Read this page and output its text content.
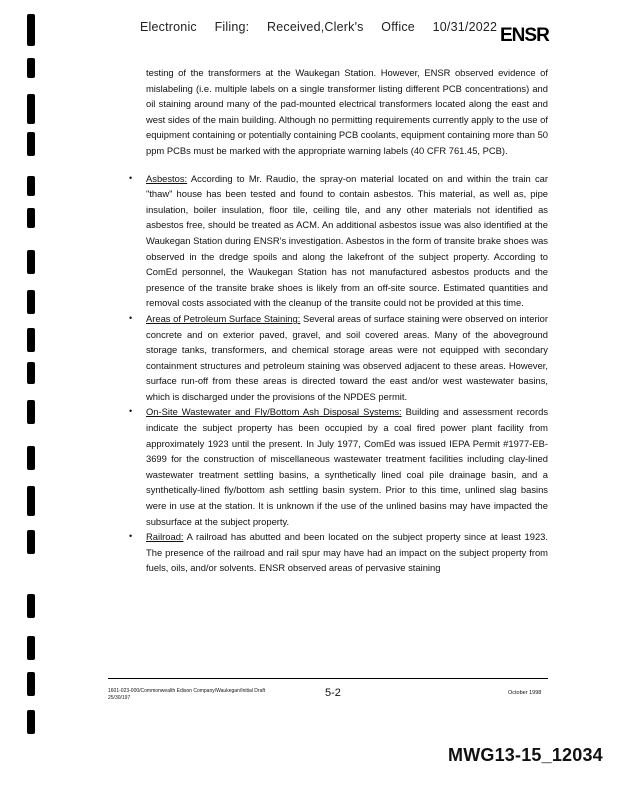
Electronic Filing: Received,Clerk's Office 10/31/2022 ENSR

testing of the transformers at the Waukegan Station. However, ENSR observed evidence of mislabeling (i.e. multiple labels on a single transformer listing different PCB concentrations) and oil staining around many of the pad-mounted electrical transformers located along the east and west sides of the main building. Although no permitting requirements currently apply to the use of equipment containing or potentially containing PCB coolants, equipment containing more than 50 ppm PCBs must be marked with the appropriate warning labels (40 CFR 761.45, PCB).

• Asbestos: According to Mr. Raudio, the spray-on material located on and within the train car "thaw" house has been tested and found to contain asbestos. This material, as well as, pipe insulation, boiler insulation, floor tile, ceiling tile, and any other materials not identified as asbestos free, should be treated as ACM. An additional asbestos issue was also identified at the Waukegan Station during ENSR's investigation. Asbestos in the form of transite brake shoes was observed in the dredge spoils and along the lakefront of the subject property. According to ComEd personnel, the Waukegan Station has not manufactured asbestos products and the presence of the transite brake shoes is likely from an off-site source. Estimated quantities and removal costs associated with the cleanup of the transite could not be provided at this time.

• Areas of Petroleum Surface Staining: Several areas of surface staining were observed on interior concrete and on exterior paved, gravel, and soil covered areas. Many of the aboveground storage tanks, transformers, and chemical storage areas were not equipped with secondary containment structures and petroleum staining was observed adjacent to these areas. However, surface run-off from these areas is directed toward the east and/or west wastewater basins, which is discharged under the provisions of the NPDES permit.

• On-Site Wastewater and Fly/Bottom Ash Disposal Systems: Building and assessment records indicate the subject property has been occupied by a coal fired power plant facility from approximately 1923 until the present. In July 1977, ComEd was issued IEPA Permit #1977-EB-3699 for the construction of miscellaneous wastewater treatment facilities including clay-lined wastewater treatment settling basins, a synthetically lined coal pile drainage basin, and a synthetically-lined fly/bottom ash settling basin system. Prior to this time, unlined slag basins were in use at the station. It is unknown if the use of the unlined basins may have impacted the subsurface at the subject property.

• Railroad: A railroad has abutted and been located on the subject property since at least 1923. The presence of the railroad and rail spur may have had an impact on the subject property from fuels, oils, and/or solvents. ENSR observed areas of pervasive staining

1601-023-000/Commonwealth Edison Company/Waukegan/Initial Draft
25/30/197	5-2	October 1998
MWG13-15_12034
